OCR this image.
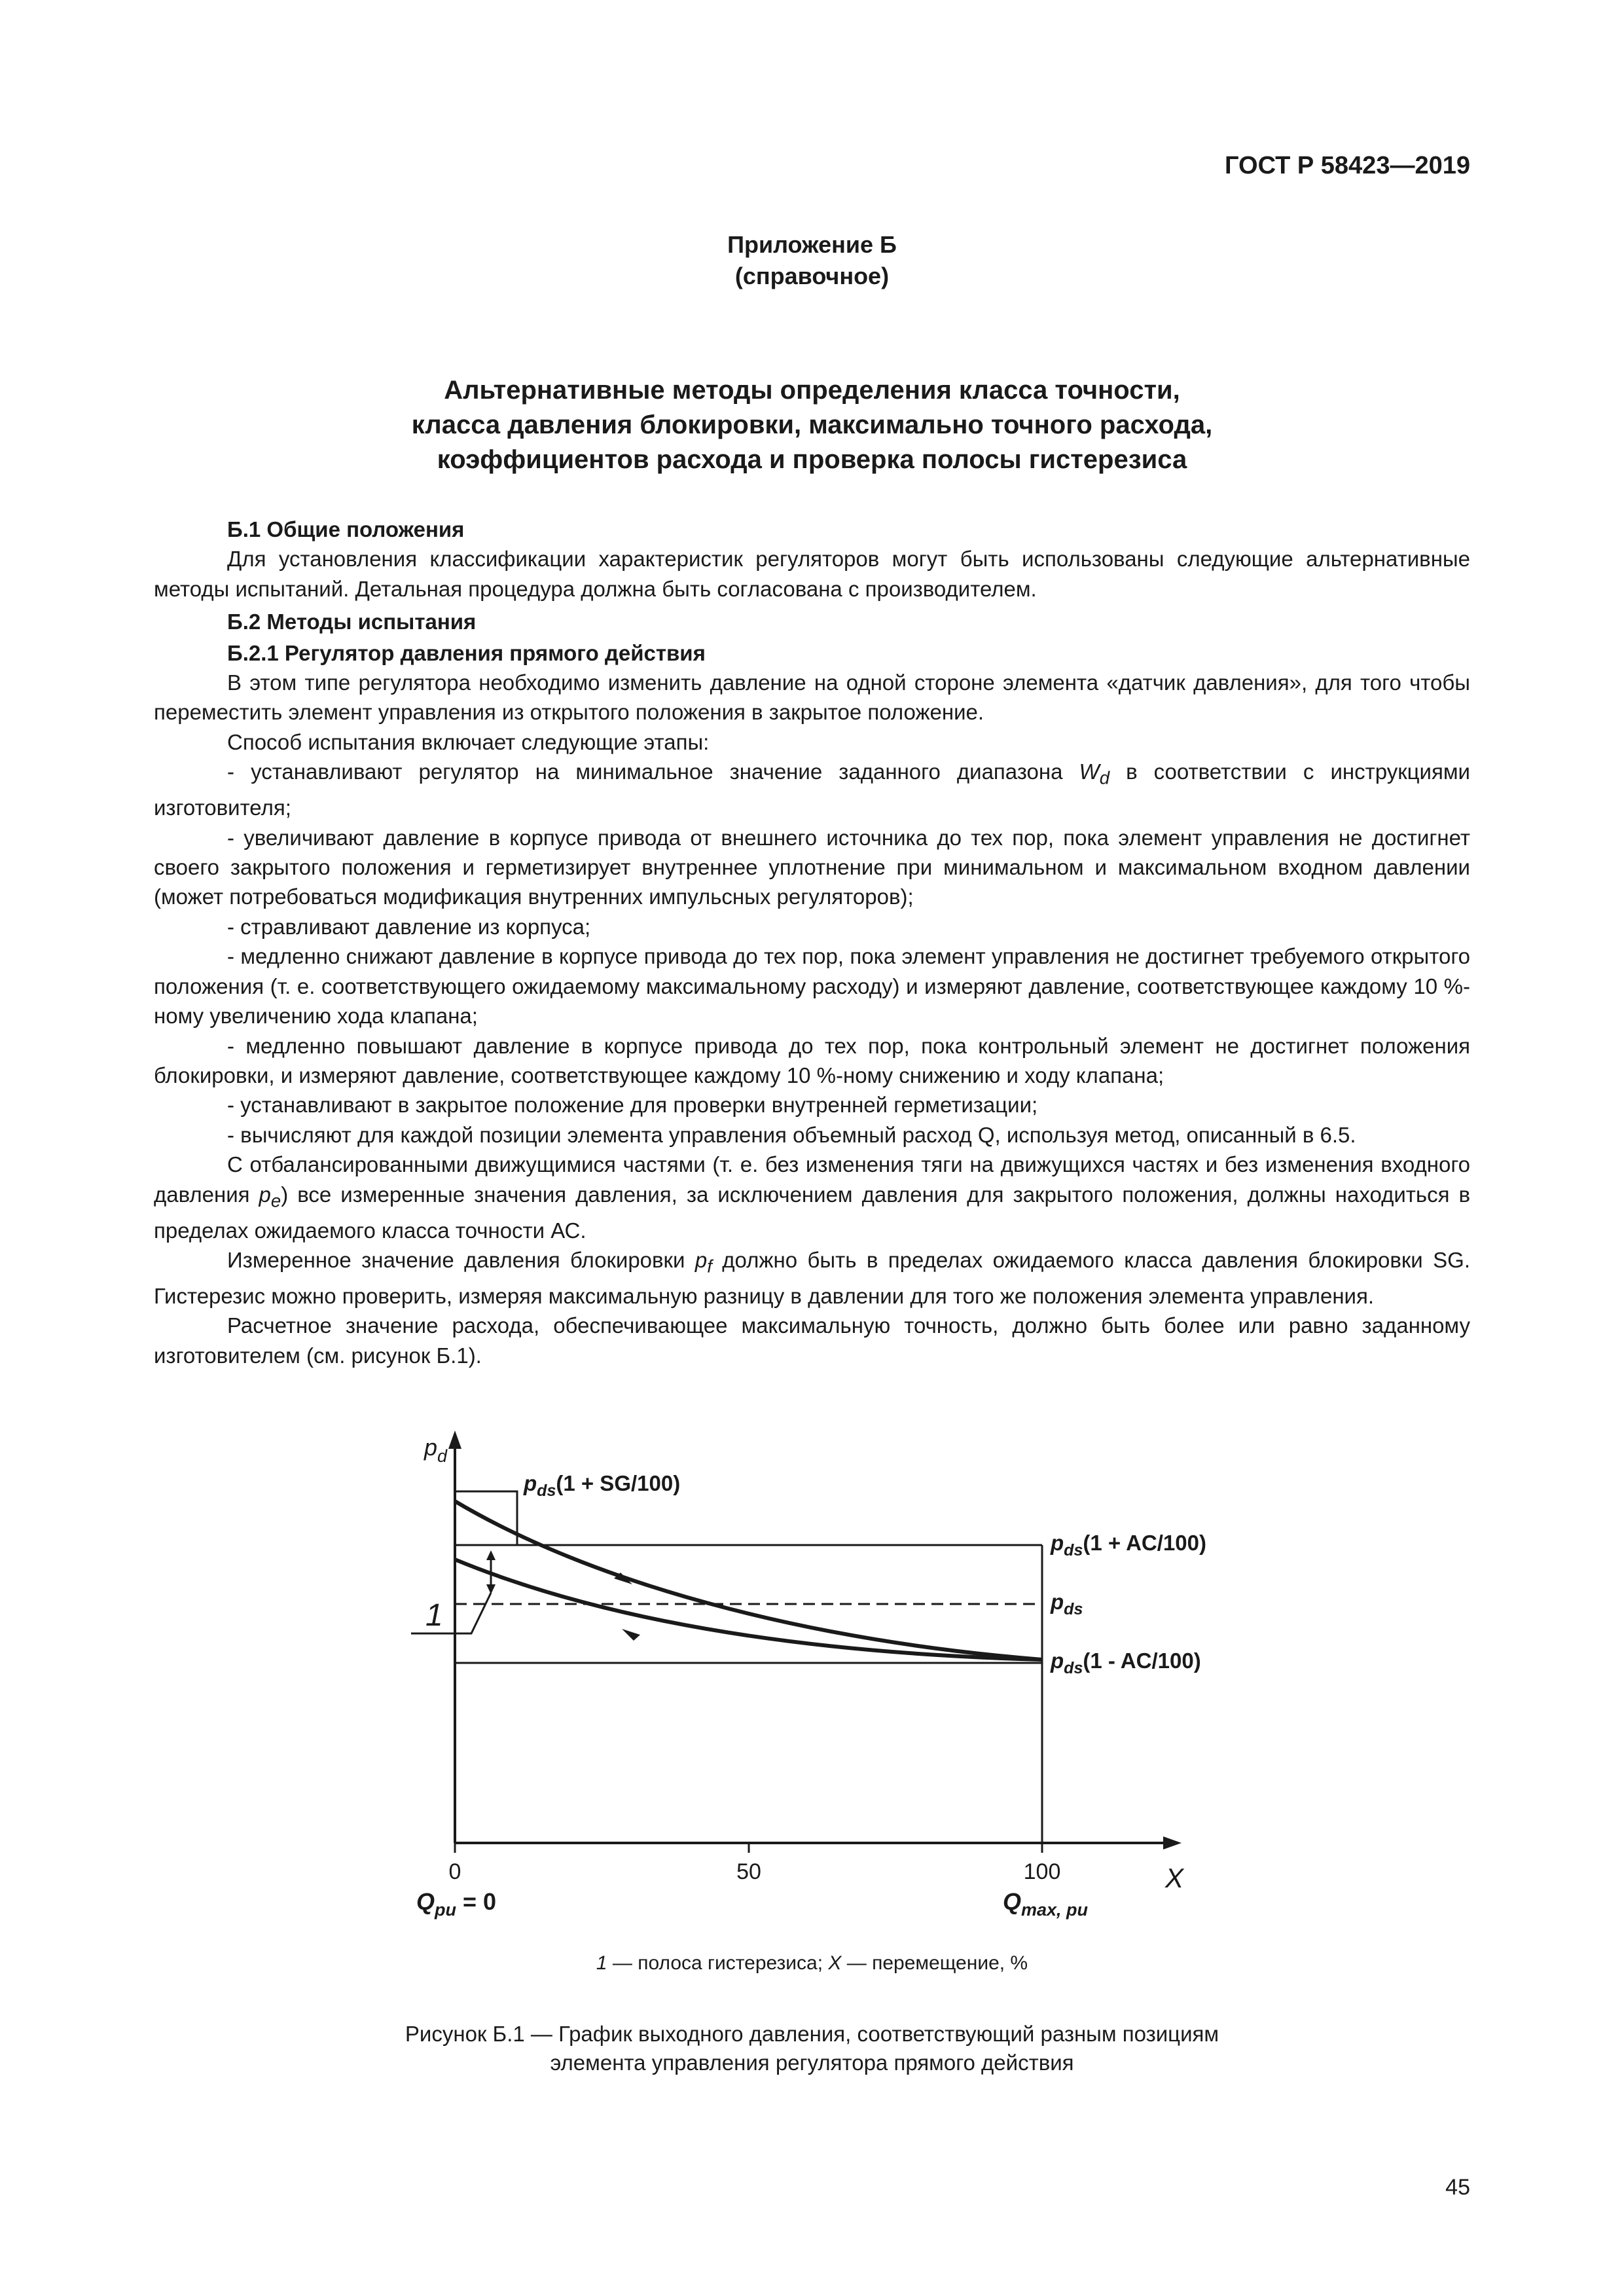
ГОСТ Р 58423—2019
Приложение Б
(справочное)
Альтернативные методы определения класса точности,
класса давления блокировки, максимально точного расхода,
коэффициентов расхода и проверка полосы гистерезиса

Б.1 Общие положения

Для установления классификации характеристик регуляторов могут быть использованы следующие альтернативные методы испытаний. Детальная процедура должна быть согласована с производителем.

Б.2 Методы испытания

Б.2.1 Регулятор давления прямого действия

В этом типе регулятора необходимо изменить давление на одной стороне элемента «датчик давления», для того чтобы переместить элемент управления из открытого положения в закрытое положение.

Способ испытания включает следующие этапы:

- устанавливают регулятор на минимальное значение заданного диапазона $W_d$ в соответствии с инструкциями изготовителя;

- увеличивают давление в корпусе привода от внешнего источника до тех пор, пока элемент управления не достигнет своего закрытого положения и герметизирует внутреннее уплотнение при минимальном и максимальном входном давлении (может потребоваться модификация внутренних импульсных регуляторов);

- стравливают давление из корпуса;

- медленно снижают давление в корпусе привода до тех пор, пока элемент управления не достигнет требуемого открытого положения (т. е. соответствующего ожидаемому максимальному расходу) и измеряют давление, соответствующее каждому 10 %-ному увеличению хода клапана;

- медленно повышают давление в корпусе привода до тех пор, пока контрольный элемент не достигнет положения блокировки, и измеряют давление, соответствующее каждому 10 %-ному снижению и ходу клапана;

- устанавливают в закрытое положение для проверки внутренней герметизации;

- вычисляют для каждой позиции элемента управления объемный расход Q, используя метод, описанный в 6.5.

С отбалансированными движущимися частями (т. е. без изменения тяги на движущихся частях и без изменения входного давления $p_e$) все измеренные значения давления, за исключением давления для закрытого положения, должны находиться в пределах ожидаемого класса точности АС.

Измеренное значение давления блокировки $p_f$ должно быть в пределах ожидаемого класса давления блокировки SG. Гистерезис можно проверить, измеряя максимальную разницу в давлении для того же положения элемента управления.

Расчетное значение расхода, обеспечивающее максимальную точность, должно быть более или равно заданному изготовителем (см. рисунок Б.1).

$p_d$
X
0	50	100
$Q_{pu} = 0$	$Q_{max, pu}$
$p_{ds}(1 + SG/100)$
$p_{ds}(1 + AC/100)$
$p_{ds}$
$p_{ds}(1 - AC/100)$
1
1 — полоса гистерезиса; X — перемещение, %
Рисунок Б.1 — График выходного давления, соответствующий разным позициям
элемента управления регулятора прямого действия
45
